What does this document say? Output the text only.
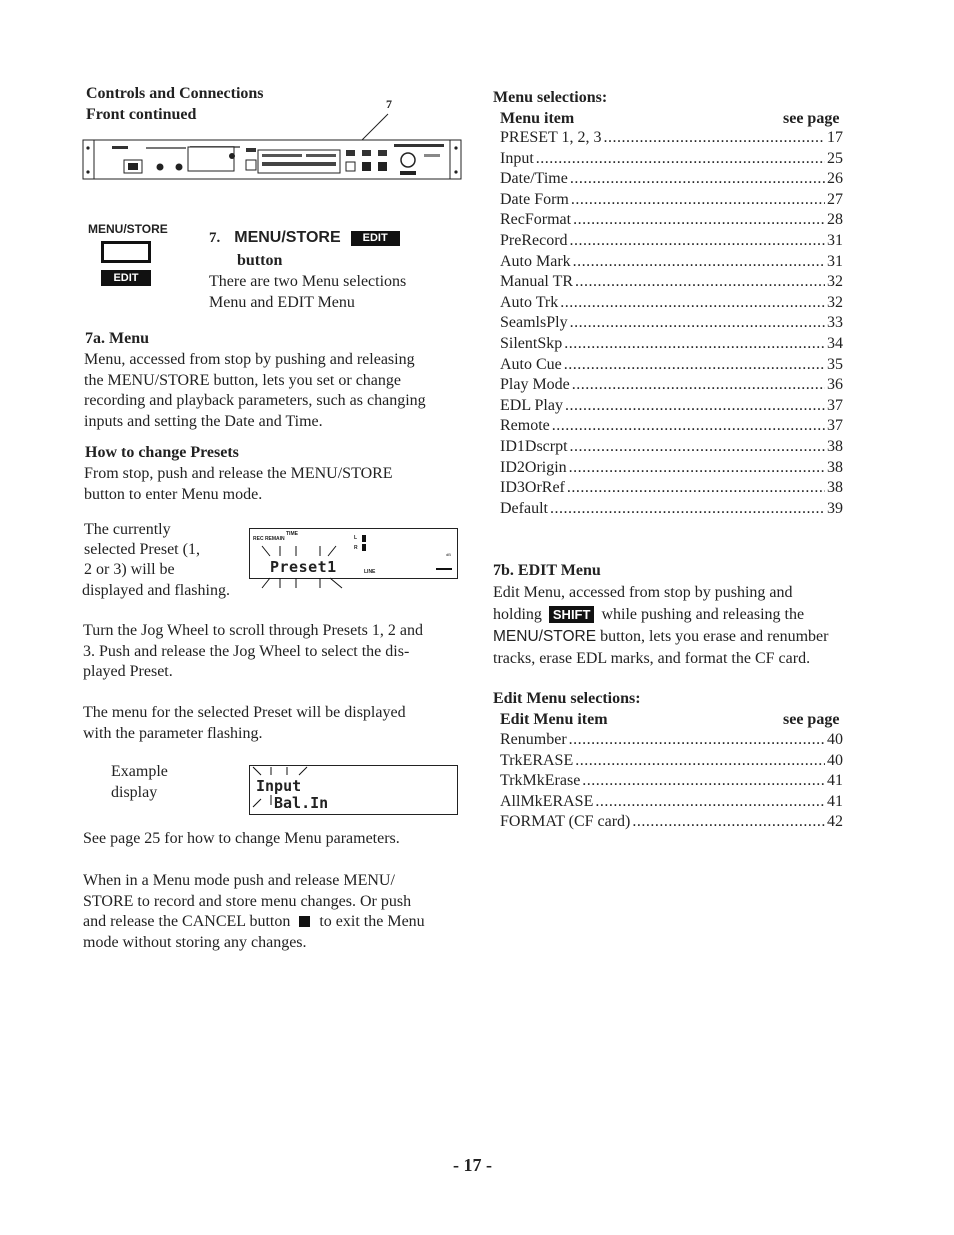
Controls and Connections
Front continued
7
MENU/STORE
EDIT
7. MENU/STORE EDIT
button
There are two Menu selections
Menu and EDIT Menu
7a. Menu
Menu, accessed from stop by pushing and releasing
the MENU/STORE button, lets you set or change
recording and playback parameters, such as changing
inputs and setting the Date and Time.
How to change Presets
From stop, push and release the MENU/STORE
button to enter Menu mode.
The currently
selected Preset (1,
2 or 3) will be
displayed and flashing.
REC REMAIN
TIME
L
R
dB
LINE
Preset1
Turn the Jog Wheel to scroll through Presets 1, 2 and
3. Push and release the Jog Wheel to select the dis-
played Preset.
The menu for the selected Preset will be displayed
with the parameter flashing.
Example
display	Input
Bal.In
See page 25 for how to change Menu parameters.
When in a Menu mode push and release MENU/
STORE to record and store menu changes. Or push
and release the CANCEL button to exit the Menu
mode without storing any changes.
Menu selections:
Menu item	see page
PRESET 1, 2, 3 .....	17
Input .....	25
Date/Time .....	26
Date Form .....	27
RecFormat .....	28
PreRecord .....	31
Auto Mark .....	31
Manual TR .....	32
Auto Trk .....	32
SeamlsPly .....	33
SilentSkp .....	34
Auto Cue .....	35
Play Mode .....	36
EDL Play .....	37
Remote .....	37
ID1Dscrpt .....	38
ID2Origin .....	38
ID3OrRef .....	38
Default .....	39
7b. EDIT Menu
Edit Menu, accessed from stop by pushing and
holding SHIFT while pushing and releasing the
MENU/STORE button, lets you erase and renumber
tracks, erase EDL marks, and format the CF card.
Edit Menu selections:
Edit Menu item	see page
Renumber .....	40
TrkERASE .....	40
TrkMkErase .....	41
AllMkERASE .....	41
FORMAT (CF card) .....	42
- 17 -
